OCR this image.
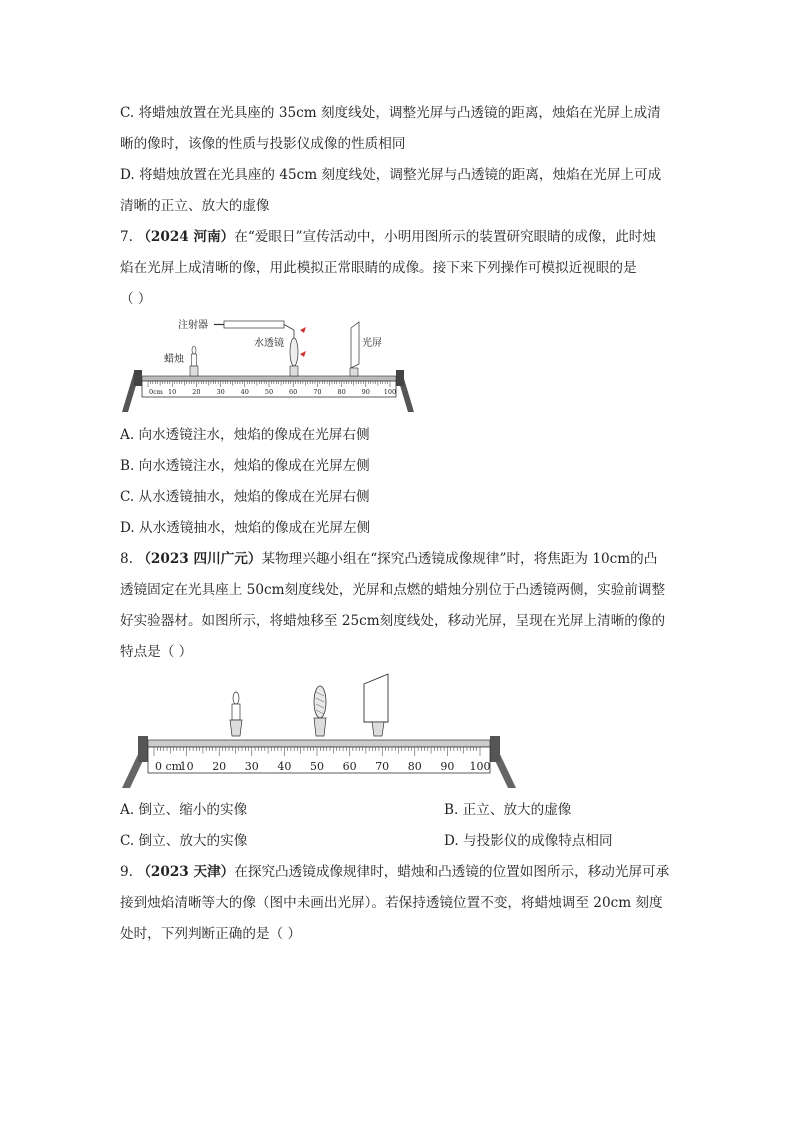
C. 将蜡烛放置在光具座的 35cm 刻度线处，调整光屏与凸透镜的距离，烛焰在光屏上成清
晰的像时，该像的性质与投影仪成像的性质相同
D. 将蜡烛放置在光具座的 45cm 刻度线处，调整光屏与凸透镜的距离，烛焰在光屏上可成
清晰的正立、放大的虚像
7. （2024 河南）在“爱眼日”宣传活动中，小明用图所示的装置研究眼睛的成像，此时烛
焰在光屏上成清晰的像，用此模拟正常眼睛的成像。接下来下列操作可模拟近视眼的是
（ ）
0cm 10 20 30 40 50 60 70 80 90 100
注射器
蜡烛
水透镜	光屏
A. 向水透镜注水，烛焰的像成在光屏右侧
B. 向水透镜注水，烛焰的像成在光屏左侧
C. 从水透镜抽水，烛焰的像成在光屏右侧
D. 从水透镜抽水，烛焰的像成在光屏左侧
8. （2023 四川广元）某物理兴趣小组在“探究凸透镜成像规律”时，将焦距为 10cm的凸
透镜固定在光具座上 50cm刻度线处，光屏和点燃的蜡烛分别位于凸透镜两侧，实验前调整
好实验器材。如图所示，将蜡烛移至 25cm刻度线处，移动光屏，呈现在光屏上清晰的像的
特点是（ ）
0 cm
10 20 30 40 50 60 70 80 90 100
A. 倒立、缩小的实像	B. 正立、放大的虚像
C. 倒立、放大的实像	D. 与投影仪的成像特点相同
9. （2023 天津）在探究凸透镜成像规律时，蜡烛和凸透镜的位置如图所示，移动光屏可承
接到烛焰清晰等大的像（图中未画出光屏）。若保持透镜位置不变，将蜡烛调至 20cm 刻度
处时，下列判断正确的是（ ）
